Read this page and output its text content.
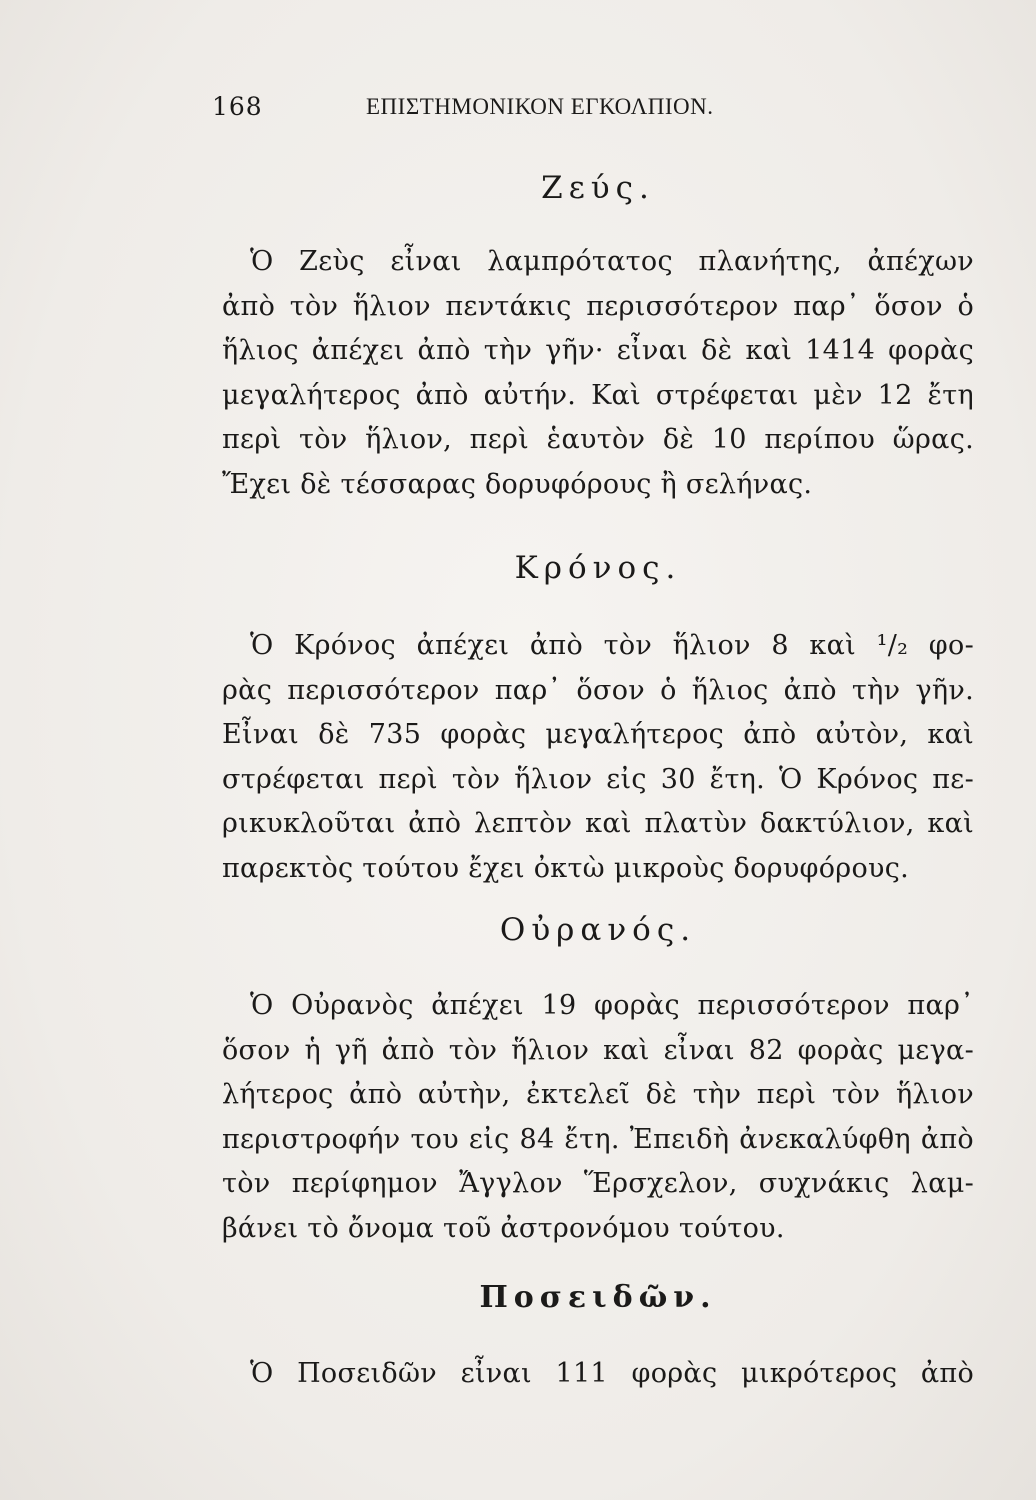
168	ΕΠΙΣΤΗΜΟΝΙΚΟΝ ΕΓΚΟΛΠΙΟΝ.
Ζεύς.
Ὁ Ζεὺς εἶναι λαμπρότατος πλανήτης, ἀπέχων
ἀπὸ τὸν ἥλιον πεντάκις περισσότερον παρ᾽ ὅσον ὁ
ἥλιος ἀπέχει ἀπὸ τὴν γῆν· εἶναι δὲ καὶ 1414 φορὰς
μεγαλήτερος ἀπὸ αὐτήν. Καὶ στρέφεται μὲν 12 ἔτη
περὶ τὸν ἥλιον, περὶ ἑαυτὸν δὲ 10 περίπου ὥρας.
Ἔχει δὲ τέσσαρας δορυφόρους ἢ σελήνας.
Κρόνος.
Ὁ Κρόνος ἀπέχει ἀπὸ τὸν ἥλιον 8 καὶ ¹/₂ φο-
ρὰς περισσότερον παρ᾽ ὅσον ὁ ἥλιος ἀπὸ τὴν γῆν.
Εἶναι δὲ 735 φορὰς μεγαλήτερος ἀπὸ αὐτὸν, καὶ
στρέφεται περὶ τὸν ἥλιον εἰς 30 ἔτη. Ὁ Κρόνος πε-
ρικυκλοῦται ἀπὸ λεπτὸν καὶ πλατὺν δακτύλιον, καὶ
παρεκτὸς τούτου ἔχει ὀκτὼ μικροὺς δορυφόρους.
Οὐρανός.
Ὁ Οὐρανὸς ἀπέχει 19 φορὰς περισσότερον παρ᾽
ὅσον ἡ γῆ ἀπὸ τὸν ἥλιον καὶ εἶναι 82 φορὰς μεγα-
λήτερος ἀπὸ αὐτὴν, ἐκτελεῖ δὲ τὴν περὶ τὸν ἥλιον
περιστροφήν του εἰς 84 ἔτη. Ἐπειδὴ ἀνεκαλύφθη ἀπὸ
τὸν περίφημον Ἄγγλον Ἕρσχελον, συχνάκις λαμ-
βάνει τὸ ὄνομα τοῦ ἀστρονόμου τούτου.
Ποσειδῶν.
Ὁ Ποσειδῶν εἶναι 111 φορὰς μικρότερος ἀπὸ
